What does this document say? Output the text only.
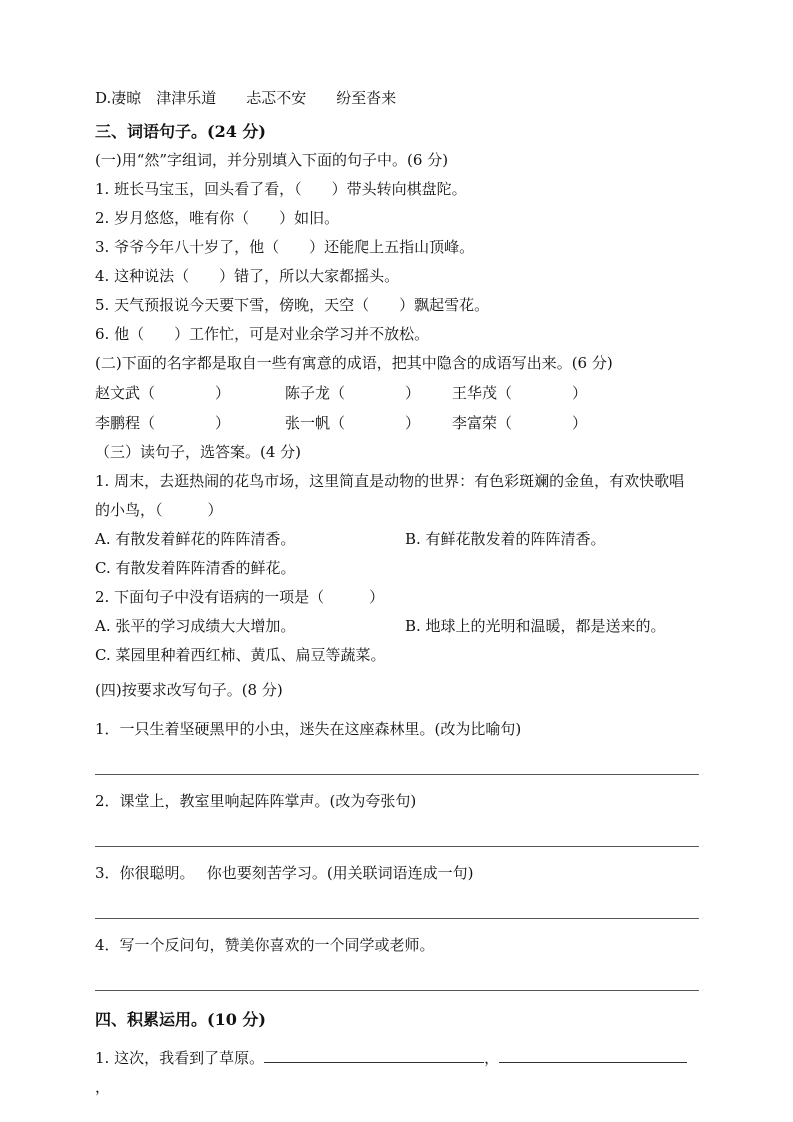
D.凄晾　津津乐道　　忐忑不安　　纷至沓来

三、词语句子。(24 分)

(一)用“然”字组词，并分别填入下面的句子中。(6 分)

1. 班长马宝玉，回头看了看，（　　）带头转向棋盘陀。

2. 岁月悠悠，唯有你（　　）如旧。

3. 爷爷今年八十岁了，他（　　）还能爬上五指山顶峰。

4. 这种说法（　　）错了，所以大家都摇头。

5. 天气预报说今天要下雪，傍晚，天空（　　）飘起雪花。

6. 他（　　）工作忙，可是对业余学习并不放松。

(二)下面的名字都是取自一些有寓意的成语，把其中隐含的成语写出来。(6 分)

赵文武（　　　　）	陈子龙（　　　　）	王华茂（　　　　）
李鹏程（　　　　）	张一帆（　　　　）	李富荣（　　　　）

（三）读句子，选答案。(4 分)

1. 周末，去逛热闹的花鸟市场，这里简直是动物的世界：有色彩斑斓的金鱼，有欢快歌唱的小鸟，（　　　）

A. 有散发着鲜花的阵阵清香。	B. 有鲜花散发着的阵阵清香。

C. 有散发着阵阵清香的鲜花。

2. 下面句子中没有语病的一项是（　　　）

A. 张平的学习成绩大大增加。	B. 地球上的光明和温暖，都是送来的。

C. 菜园里种着西红柿、黄瓜、扁豆等蔬菜。

(四)按要求改写句子。(8 分)

1．一只生着坚硬黑甲的小虫，迷失在这座森林里。(改为比喻句)

2．课堂上，教室里响起阵阵掌声。(改为夸张句)

3．你很聪明。　 你也要刻苦学习。(用关联词语连成一句)

4．写一个反问句，赞美你喜欢的一个同学或老师。

四、积累运用。(10 分)

1. 这次，我看到了草原。	，，
